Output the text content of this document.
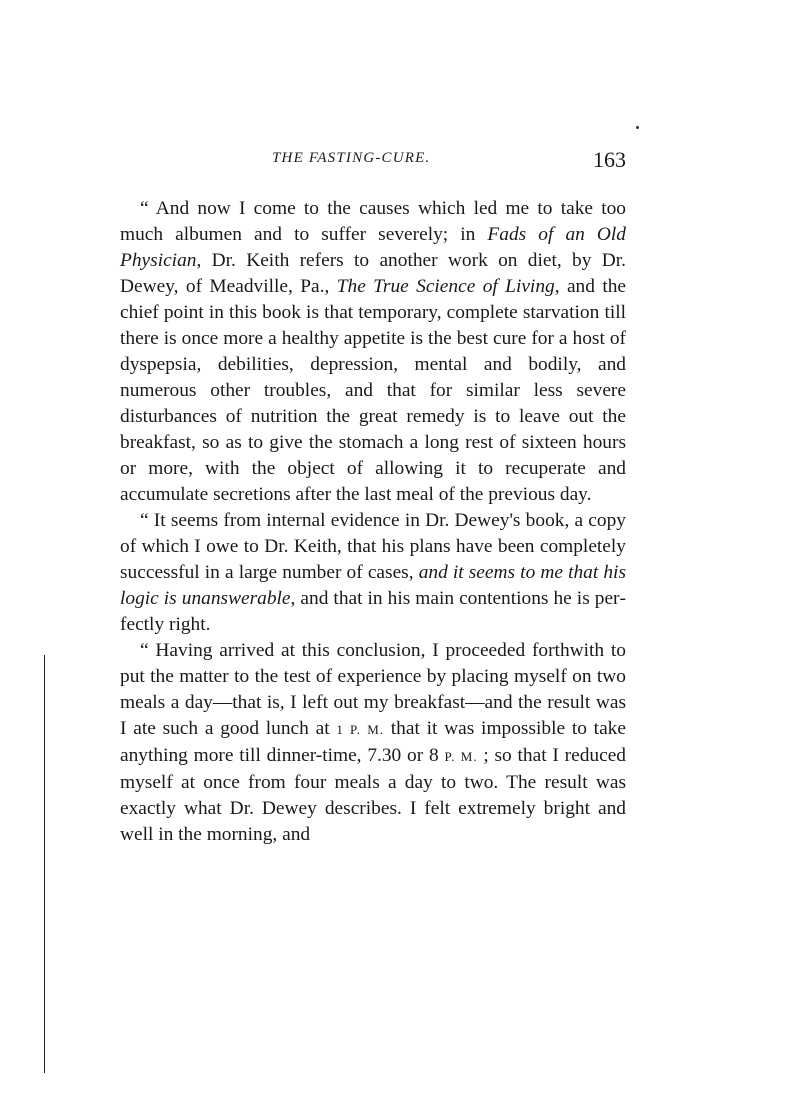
THE FASTING-CURE.	163

“ And now I come to the causes which led me to take too much albumen and to suffer severely; in Fads of an Old Physician, Dr. Keith refers to another work on diet, by Dr. Dewey, of Meadville, Pa., The True Science of Living, and the chief point in this book is that temporary, complete starvation till there is once more a healthy appetite is the best cure for a host of dyspepsia, debilities, depression, mental and bodily, and numerous other troubles, and that for similar less severe disturbances of nutrition the great remedy is to leave out the breakfast, so as to give the stomach a long rest of sixteen hours or more, with the object of allowing it to recuperate and accumulate secretions after the last meal of the previous day.

“ It seems from internal evidence in Dr. Dewey's book, a copy of which I owe to Dr. Keith, that his plans have been completely successful in a large number of cases, and it seems to me that his logic is unanswerable, and that in his main contentions he is perfectly right.

“ Having arrived at this conclusion, I proceeded forthwith to put the matter to the test of experience by placing myself on two meals a day—that is, I left out my breakfast—and the result was I ate such a good lunch at 1 P. M. that it was impossible to take anything more till dinner-time, 7.30 or 8 P. M. ; so that I reduced myself at once from four meals a day to two. The result was exactly what Dr. Dewey describes. I felt extremely bright and well in the morning, and
